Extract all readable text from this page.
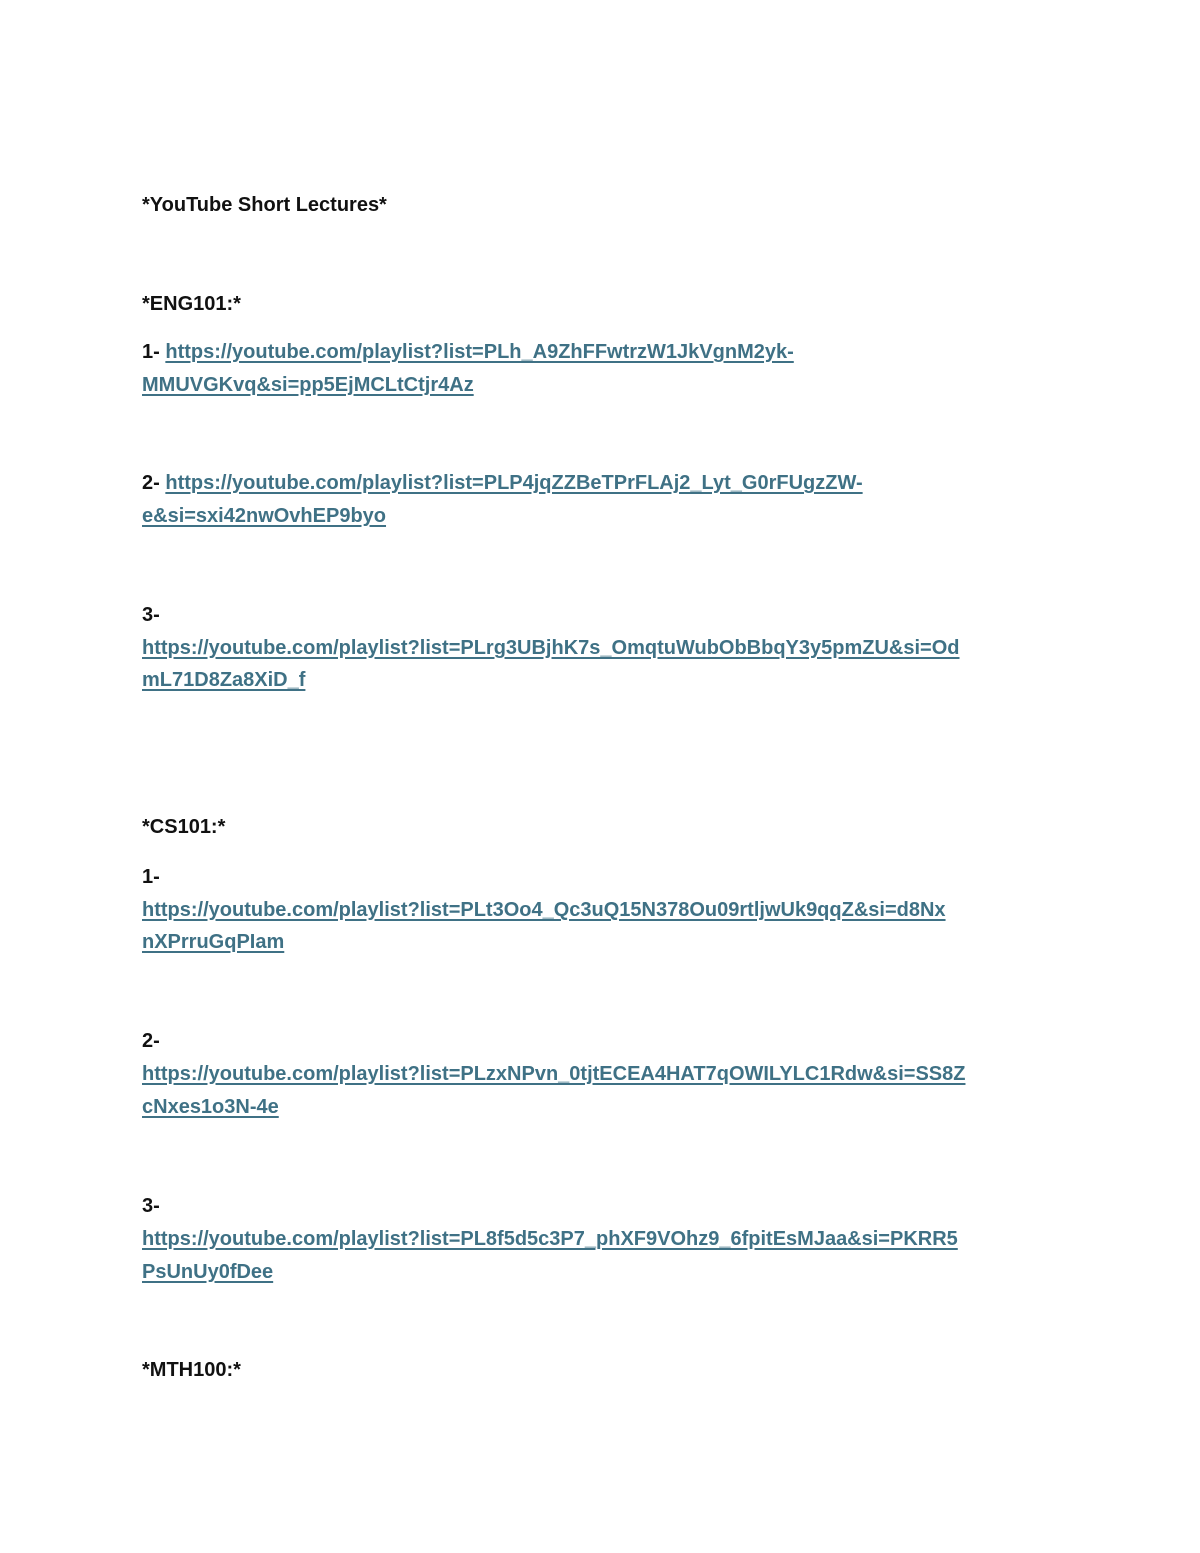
*YouTube Short Lectures*
*ENG101:*
1- https://youtube.com/playlist?list=PLh_A9ZhFFwtrzW1JkVgnM2yk-
MMUVGKvq&si=pp5EjMCLtCtjr4Az
2- https://youtube.com/playlist?list=PLP4jqZZBeTPrFLAj2_Lyt_G0rFUgzZW-
e&si=sxi42nwOvhEP9byo
3-
https://youtube.com/playlist?list=PLrg3UBjhK7s_OmqtuWubObBbqY3y5pmZU&si=Od
mL71D8Za8XiD_f
*CS101:*
1-
https://youtube.com/playlist?list=PLt3Oo4_Qc3uQ15N378Ou09rtljwUk9qqZ&si=d8Nx
nXPrruGqPIam
2-
https://youtube.com/playlist?list=PLzxNPvn_0tjtECEA4HAT7qOWILYLC1Rdw&si=SS8Z
cNxes1o3N-4e
3-
https://youtube.com/playlist?list=PL8f5d5c3P7_phXF9VOhz9_6fpitEsMJaa&si=PKRR5
PsUnUy0fDee
*MTH100:*
